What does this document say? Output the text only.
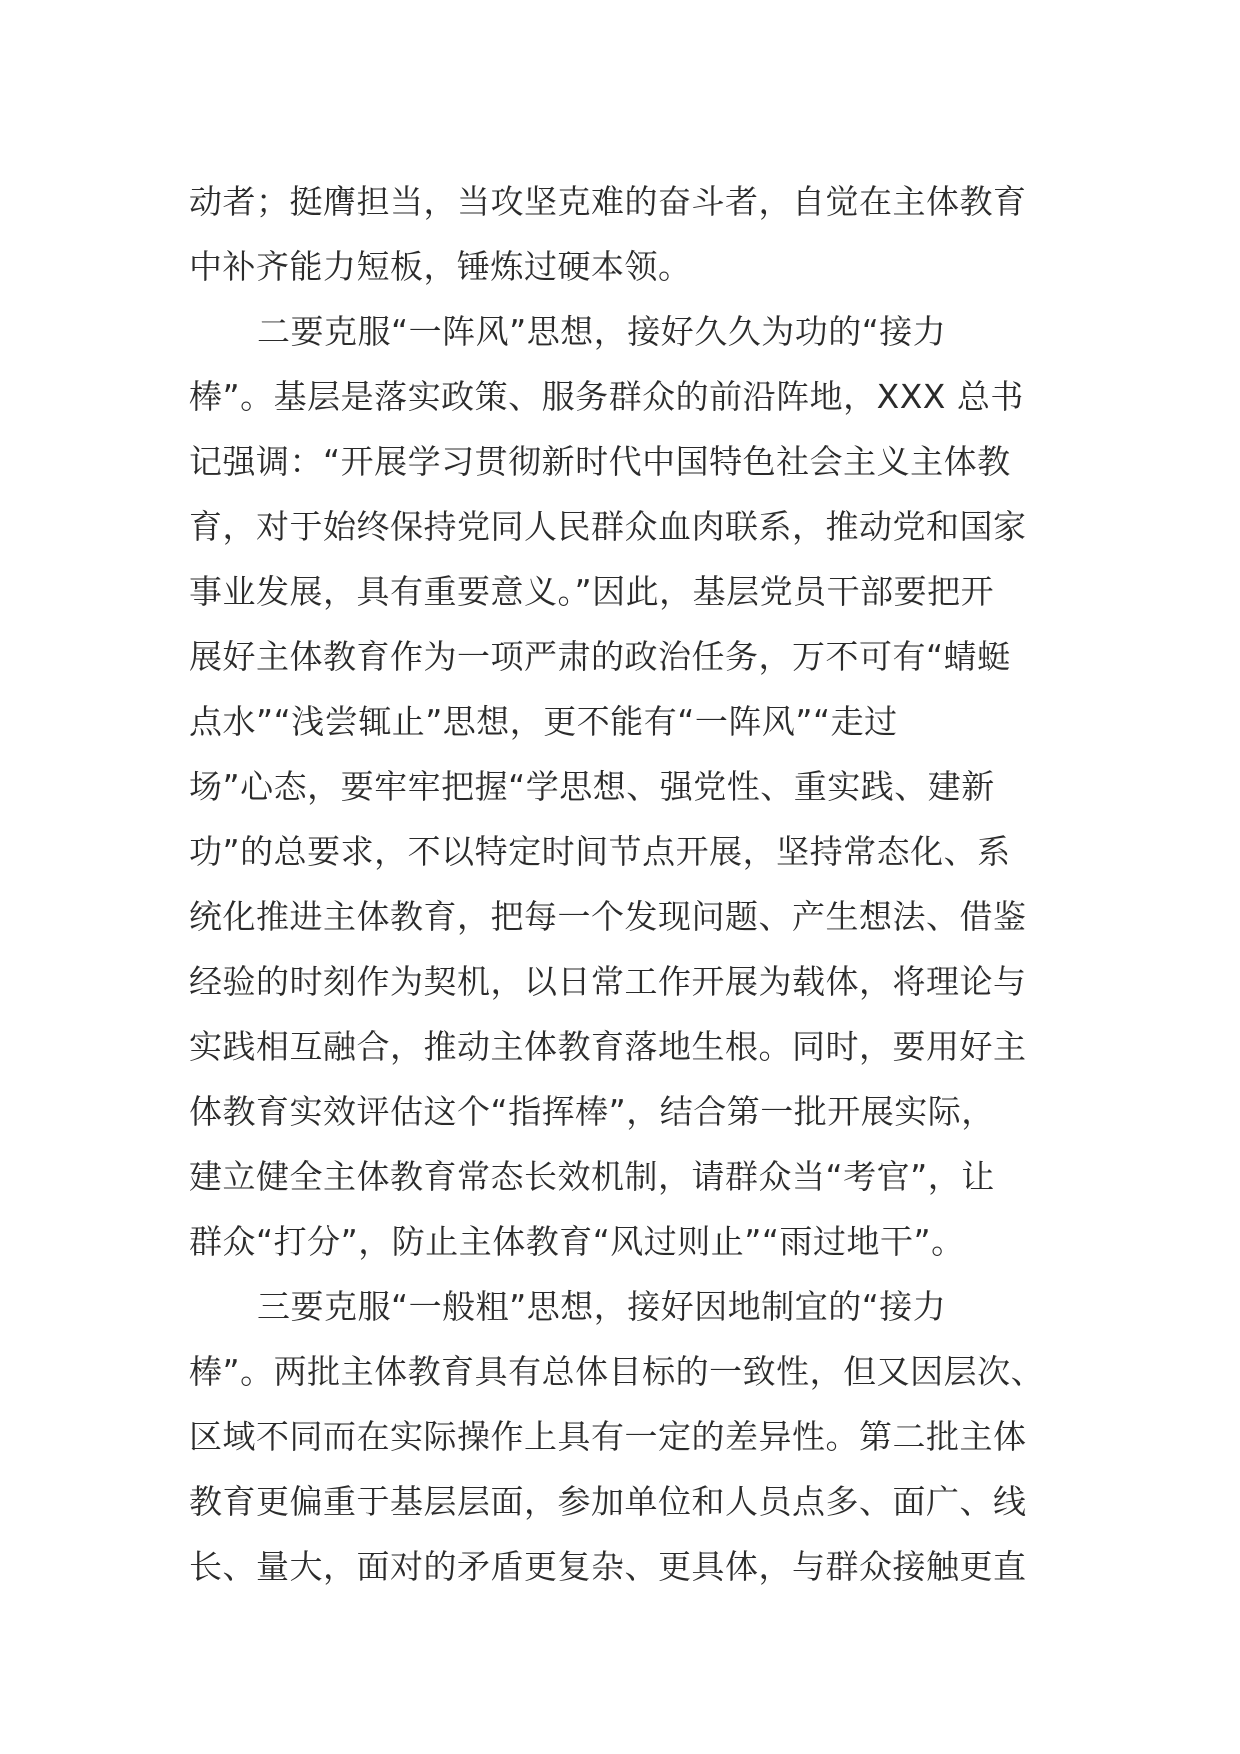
动者；挺膺担当，当攻坚克难的奋斗者，自觉在主体教育
中补齐能力短板，锤炼过硬本领。
二要克服“一阵风”思想，接好久久为功的“接力
棒”。基层是落实政策、服务群众的前沿阵地，XXX 总书
记强调：“开展学习贯彻新时代中国特色社会主义主体教
育，对于始终保持党同人民群众血肉联系，推动党和国家
事业发展，具有重要意义。”因此，基层党员干部要把开
展好主体教育作为一项严肃的政治任务，万不可有“蜻蜓
点水”“浅尝辄止”思想，更不能有“一阵风”“走过
场”心态，要牢牢把握“学思想、强党性、重实践、建新
功”的总要求，不以特定时间节点开展，坚持常态化、系
统化推进主体教育，把每一个发现问题、产生想法、借鉴
经验的时刻作为契机，以日常工作开展为载体，将理论与
实践相互融合，推动主体教育落地生根。同时，要用好主
体教育实效评估这个“指挥棒”，结合第一批开展实际，
建立健全主体教育常态长效机制，请群众当“考官”，让
群众“打分”，防止主体教育“风过则止”“雨过地干”。
三要克服“一般粗”思想，接好因地制宜的“接力
棒”。两批主体教育具有总体目标的一致性，但又因层次、
区域不同而在实际操作上具有一定的差异性。第二批主体
教育更偏重于基层层面，参加单位和人员点多、面广、线
长、量大，面对的矛盾更复杂、更具体，与群众接触更直
